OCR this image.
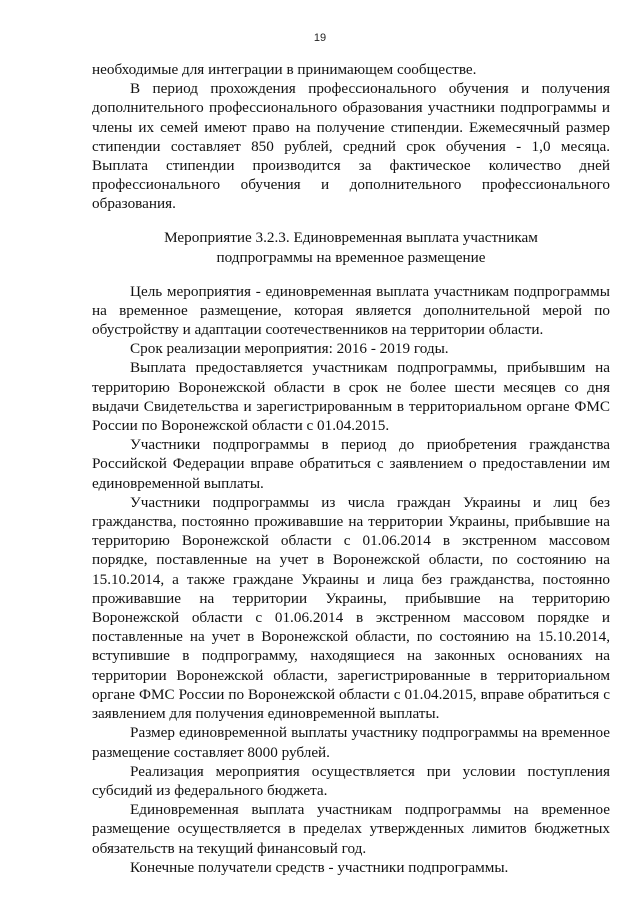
19

необходимые для интеграции в принимающем сообществе.

В период прохождения профессионального обучения и получения дополнительного профессионального образования участники подпрограммы и члены их семей имеют право на получение стипендии. Ежемесячный размер стипендии составляет 850 рублей, средний срок обучения - 1,0 месяца. Выплата стипендии производится за фактическое количество дней профессионального обучения и дополнительного профессионального образования.

Мероприятие 3.2.3. Единовременная выплата участникам
подпрограммы на временное размещение

Цель мероприятия - единовременная выплата участникам подпрограммы на временное размещение, которая является дополнительной мерой по обустройству и адаптации соотечественников на территории области.

Срок реализации мероприятия: 2016 - 2019 годы.

Выплата предоставляется участникам подпрограммы, прибывшим на территорию Воронежской области в срок не более шести месяцев со дня выдачи Свидетельства и зарегистрированным в территориальном органе ФМС России по Воронежской области с 01.04.2015.

Участники подпрограммы в период до приобретения гражданства Российской Федерации вправе обратиться с заявлением о предоставлении им единовременной выплаты.

Участники подпрограммы из числа граждан Украины и лиц без гражданства, постоянно проживавшие на территории Украины, прибывшие на территорию Воронежской области с 01.06.2014 в экстренном массовом порядке, поставленные на учет в Воронежской области, по состоянию на 15.10.2014, а также граждане Украины и лица без гражданства, постоянно проживавшие на территории Украины, прибывшие на территорию Воронежской области с 01.06.2014 в экстренном массовом порядке и поставленные на учет в Воронежской области, по состоянию на 15.10.2014, вступившие в подпрограмму, находящиеся на законных основаниях на территории Воронежской области, зарегистрированные в территориальном органе ФМС России по Воронежской области с 01.04.2015, вправе обратиться с заявлением для получения единовременной выплаты.

Размер единовременной выплаты участнику подпрограммы на временное размещение составляет 8000 рублей.

Реализация мероприятия осуществляется при условии поступления субсидий из федерального бюджета.

Единовременная выплата участникам подпрограммы на временное размещение осуществляется в пределах утвержденных лимитов бюджетных обязательств на текущий финансовый год.

Конечные получатели средств - участники подпрограммы.
